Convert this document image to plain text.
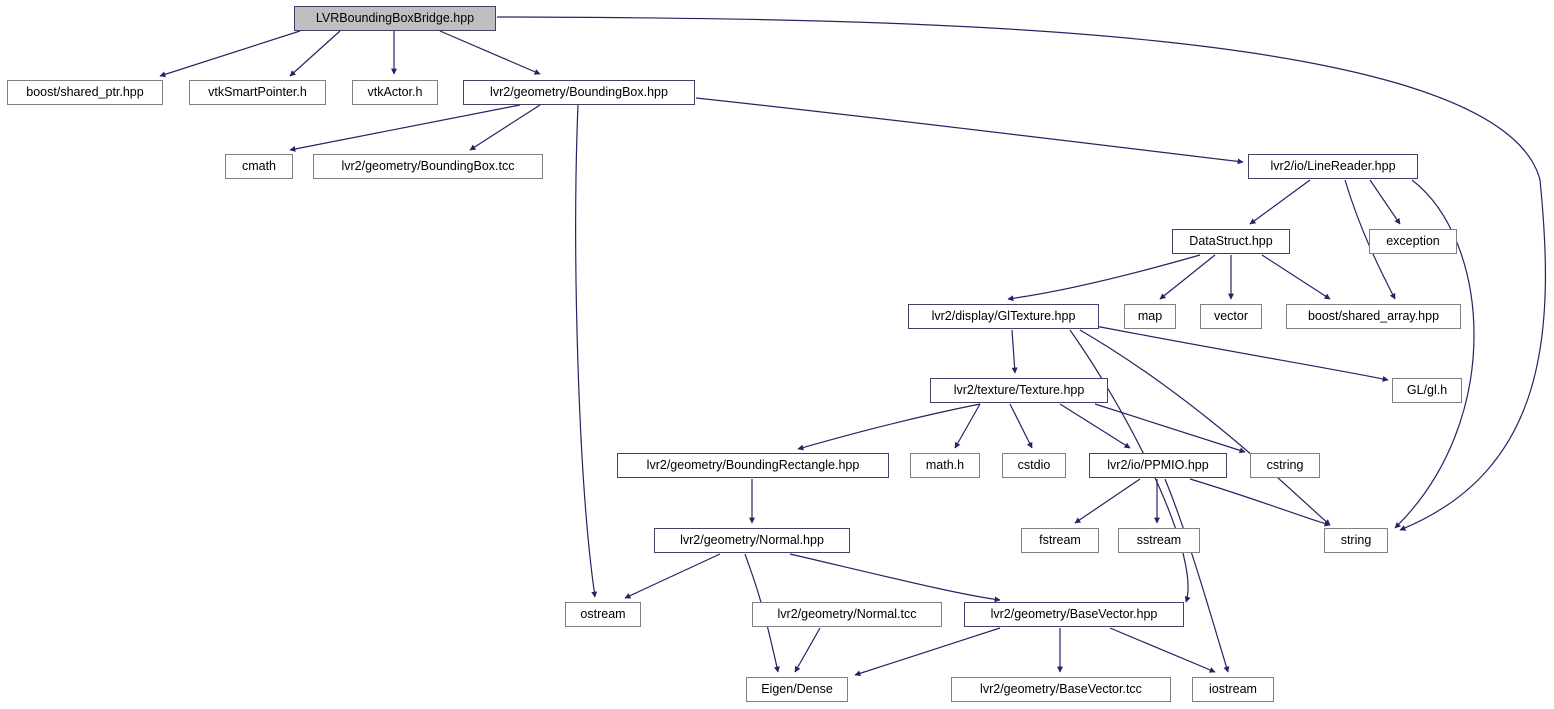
LVRBoundingBoxBridge.hpp
boost/shared_ptr.hpp	vtkSmartPointer.h	vtkActor.h	lvr2/geometry/BoundingBox.hpp
cmath	lvr2/geometry/BoundingBox.tcc	lvr2/io/LineReader.hpp
DataStruct.hpp	exception
lvr2/display/GlTexture.hpp	map	vector	boost/shared_array.hpp
lvr2/texture/Texture.hpp	GL/gl.h
lvr2/geometry/BoundingRectangle.hpp	math.h	cstdio	lvr2/io/PPMIO.hpp	cstring
lvr2/geometry/Normal.hpp	fstream	sstream	string
ostream	lvr2/geometry/Normal.tcc	lvr2/geometry/BaseVector.hpp
Eigen/Dense	lvr2/geometry/BaseVector.tcc	iostream
